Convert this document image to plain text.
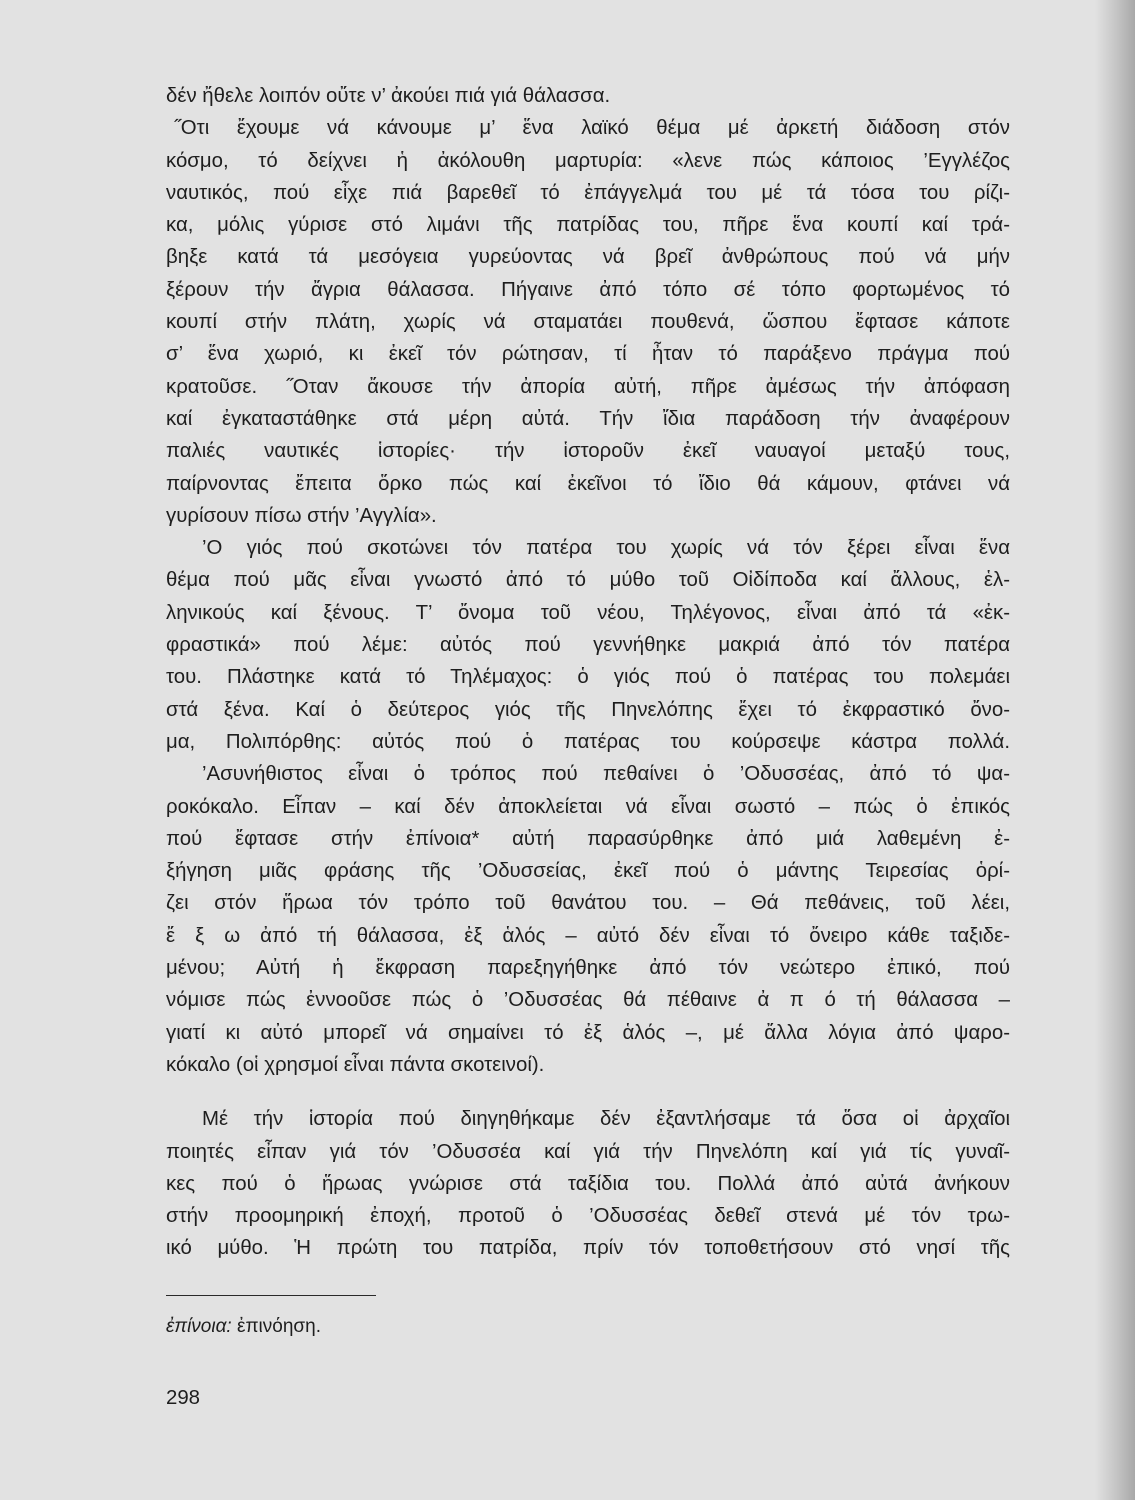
δέν ἤθελε λοιπόν οὔτε ν’ ἀκούει πιά γιά θάλασσα.
˝Οτι ἔχουμε νά κάνουμε μ’ ἕνα λαϊκό θέμα μέ ἀρκετή διάδοση στόν
κόσμο, τό δείχνει ἡ ἀκόλουθη μαρτυρία: «λενε πώς κάποιος ’Εγγλέζος
ναυτικός, πού εἶχε πιά βαρεθεῖ τό ἐπάγγελμά του μέ τά τόσα του ρίζι-
κα, μόλις γύρισε στό λιμάνι τῆς πατρίδας του, πῆρε ἕνα κουπί καί τρά-
βηξε κατά τά μεσόγεια γυρεύοντας νά βρεῖ ἀνθρώπους πού νά μήν
ξέρουν τήν ἄγρια θάλασσα. Πήγαινε ἀπό τόπο σέ τόπο φορτωμένος τό
κουπί στήν πλάτη, χωρίς νά σταματάει πουθενά, ὥσπου ἔφτασε κάποτε
σ’ ἕνα χωριό, κι ἐκεῖ τόν ρώτησαν, τί ἦταν τό παράξενο πράγμα πού
κρατοῦσε. ˝Οταν ἄκουσε τήν ἀπορία αὐτή, πῆρε ἀμέσως τήν ἀπόφαση
καί ἐγκαταστάθηκε στά μέρη αὐτά. Τήν ἴδια παράδοση τήν ἀναφέρουν
παλιές ναυτικές ἱστορίες· τήν ἱστοροῦν ἐκεῖ ναυαγοί μεταξύ τους,
παίρνοντας ἔπειτα ὅρκο πώς καί ἐκεῖνοι τό ἴδιο θά κάμουν, φτάνει νά
γυρίσουν πίσω στήν ’Αγγλία».
’Ο γιός πού σκοτώνει τόν πατέρα του χωρίς νά τόν ξέρει εἶναι ἕνα
θέμα πού μᾶς εἶναι γνωστό ἀπό τό μύθο τοῦ Οἰδίποδα καί ἄλλους, ἑλ-
ληνικούς καί ξένους. Τ’ ὄνομα τοῦ νέου, Τηλέγονος, εἶναι ἀπό τά «ἐκ-
φραστικά» πού λέμε: αὐτός πού γεννήθηκε μακριά ἀπό τόν πατέρα
του. Πλάστηκε κατά τό Τηλέμαχος: ὁ γιός πού ὁ πατέρας του πολεμάει
στά ξένα. Καί ὁ δεύτερος γιός τῆς Πηνελόπης ἔχει τό ἐκφραστικό ὄνο-
μα, Πολιπόρθης: αὐτός πού ὁ πατέρας του κούρσεψε κάστρα πολλά.
’Ασυνήθιστος εἶναι ὁ τρόπος πού πεθαίνει ὁ ’Οδυσσέας, ἀπό τό ψα-
ροκόκαλο. Εἶπαν – καί δέν ἀποκλείεται νά εἶναι σωστό – πώς ὁ ἐπικός
πού ἔφτασε στήν ἐπίνοια* αὐτή παρασύρθηκε ἀπό μιά λαθεμένη ἐ-
ξήγηση μιᾶς φράσης τῆς ’Οδυσσείας, ἐκεῖ πού ὁ μάντης Τειρεσίας ὁρί-
ζει στόν ἥρωα τόν τρόπο τοῦ θανάτου του. – Θά πεθάνεις, τοῦ λέει,
ἔ ξ ω ἀπό τή θάλασσα, ἐξ ἁλός – αὐτό δέν εἶναι τό ὄνειρο κάθε ταξιδε-
μένου; Αὐτή ἡ ἔκφραση παρεξηγήθηκε ἀπό τόν νεώτερο ἐπικό, πού
νόμισε πώς ἐννοοῦσε πώς ὁ ’Οδυσσέας θά πέθαινε ἀ π ό τή θάλασσα –
γιατί κι αὐτό μπορεῖ νά σημαίνει τό ἐξ ἁλός –, μέ ἄλλα λόγια ἀπό ψαρο-
κόκαλο (οἱ χρησμοί εἶναι πάντα σκοτεινοί).
Μέ τήν ἱστορία πού διηγηθήκαμε δέν ἐξαντλήσαμε τά ὅσα οἱ ἀρχαῖοι
ποιητές εἶπαν γιά τόν ’Οδυσσέα καί γιά τήν Πηνελόπη καί γιά τίς γυναῖ-
κες πού ὁ ἥρωας γνώρισε στά ταξίδια του. Πολλά ἀπό αὐτά ἀνήκουν
στήν προομηρική ἐποχή, προτοῦ ὁ ’Οδυσσέας δεθεῖ στενά μέ τόν τρω-
ικό μύθο. Ἡ πρώτη του πατρίδα, πρίν τόν τοποθετήσουν στό νησί τῆς
ἐπίνοια: ἐπινόηση.
298
